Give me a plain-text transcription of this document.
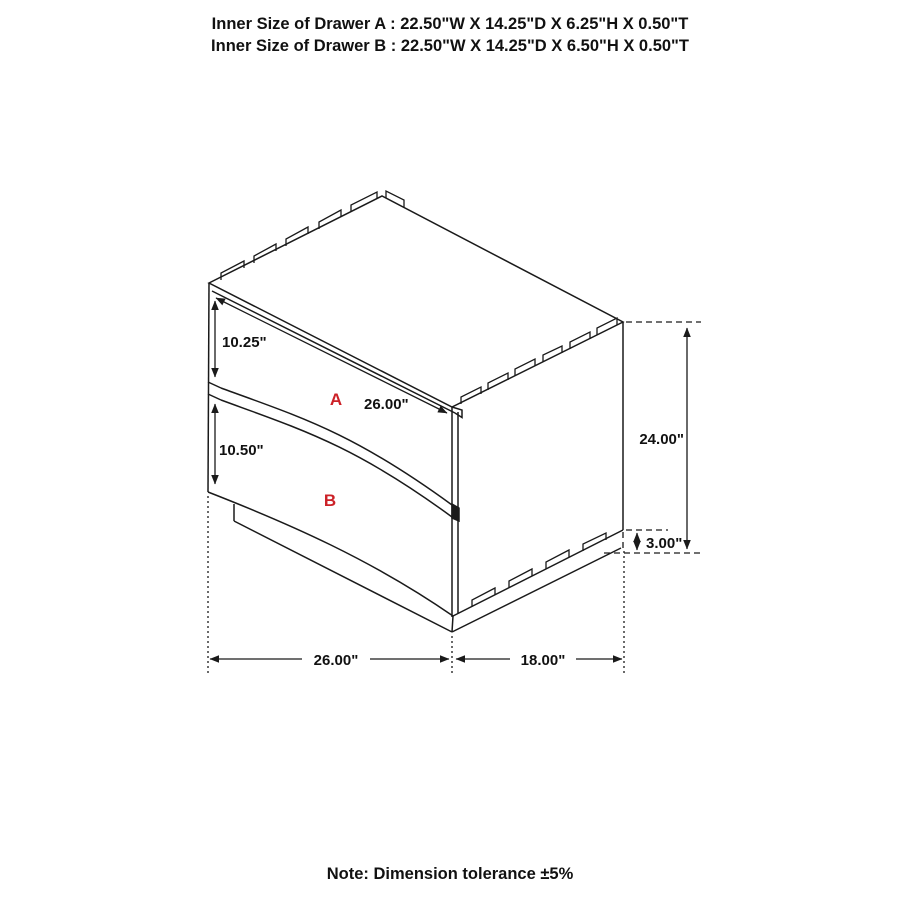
Inner Size of Drawer A : 22.50"W X 14.25"D X 6.25"H X 0.50"T
Inner Size of Drawer B : 22.50"W X 14.25"D X 6.50"H X 0.50"T
10.25"
10.50"
26.00"
24.00"
3.00"
26.00"	18.00"
A
B
Note: Dimension tolerance ±5%
